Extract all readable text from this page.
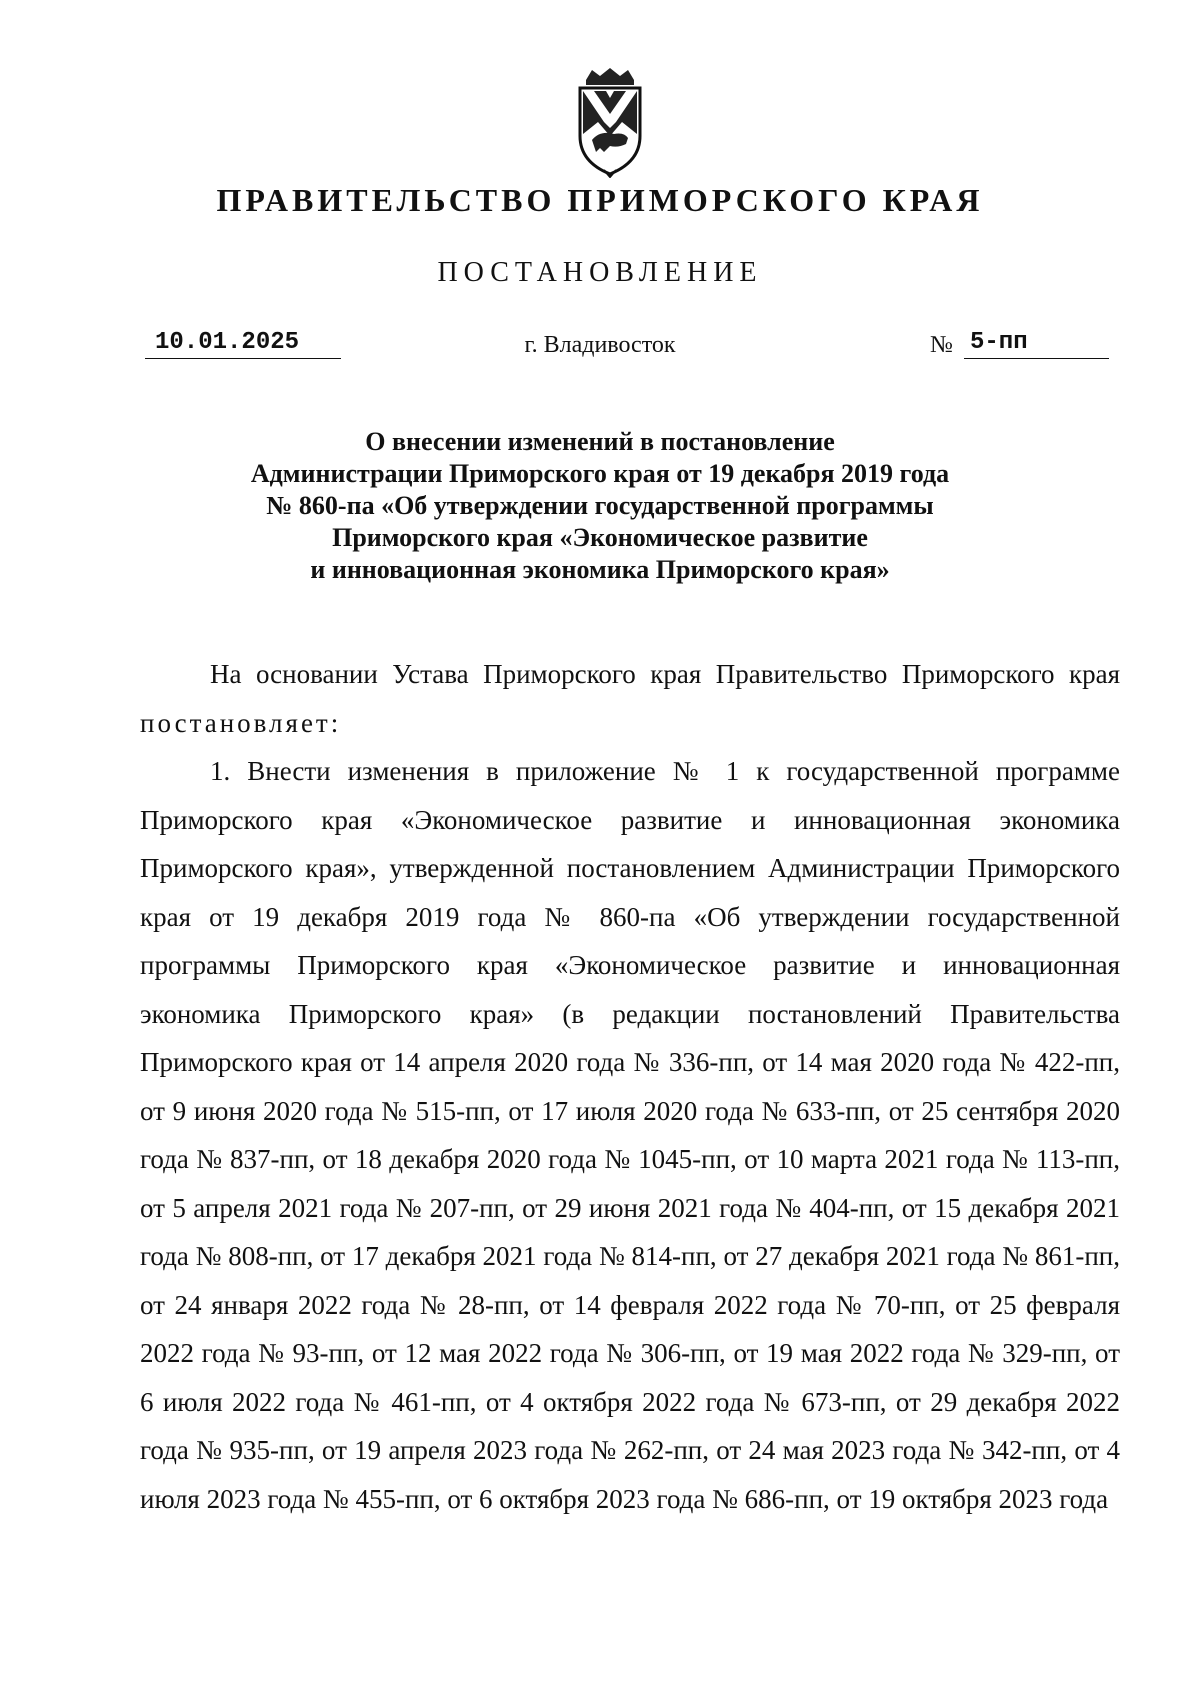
ПРАВИТЕЛЬСТВО ПРИМОРСКОГО КРАЯ
ПОСТАНОВЛЕНИЕ
10.01.2025	г. Владивосток	№ 5-пп
О внесении изменений в постановление
Администрации Приморского края от 19 декабря 2019 года
№ 860-па «Об утверждении государственной программы
Приморского края «Экономическое развитие
и инновационная экономика Приморского края»

На основании Устава Приморского края Правительство Приморского края постановляет:

1. Внести изменения в приложение № 1 к государственной программе Приморского края «Экономическое развитие и инновационная экономика Приморского края», утвержденной постановлением Администрации Приморского края от 19 декабря 2019 года № 860-па «Об утверждении государственной программы Приморского края «Экономическое развитие и инновационная экономика Приморского края» (в редакции постановлений Правительства Приморского края от 14 апреля 2020 года № 336-пп, от 14 мая 2020 года № 422-пп, от 9 июня 2020 года № 515-пп, от 17 июля 2020 года № 633-пп, от 25 сентября 2020 года № 837-пп, от 18 декабря 2020 года № 1045-пп, от 10 марта 2021 года № 113-пп, от 5 апреля 2021 года № 207-пп, от 29 июня 2021 года № 404-пп, от 15 декабря 2021 года № 808-пп, от 17 декабря 2021 года № 814-пп, от 27 декабря 2021 года № 861-пп, от 24 января 2022 года № 28-пп, от 14 февраля 2022 года № 70-пп, от 25 февраля 2022 года № 93-пп, от 12 мая 2022 года № 306-пп, от 19 мая 2022 года № 329-пп, от 6 июля 2022 года № 461-пп, от 4 октября 2022 года № 673-пп, от 29 декабря 2022 года № 935-пп, от 19 апреля 2023 года № 262-пп, от 24 мая 2023 года № 342-пп, от 4 июля 2023 года № 455-пп, от 6 октября 2023 года № 686-пп, от 19 октября 2023 года
